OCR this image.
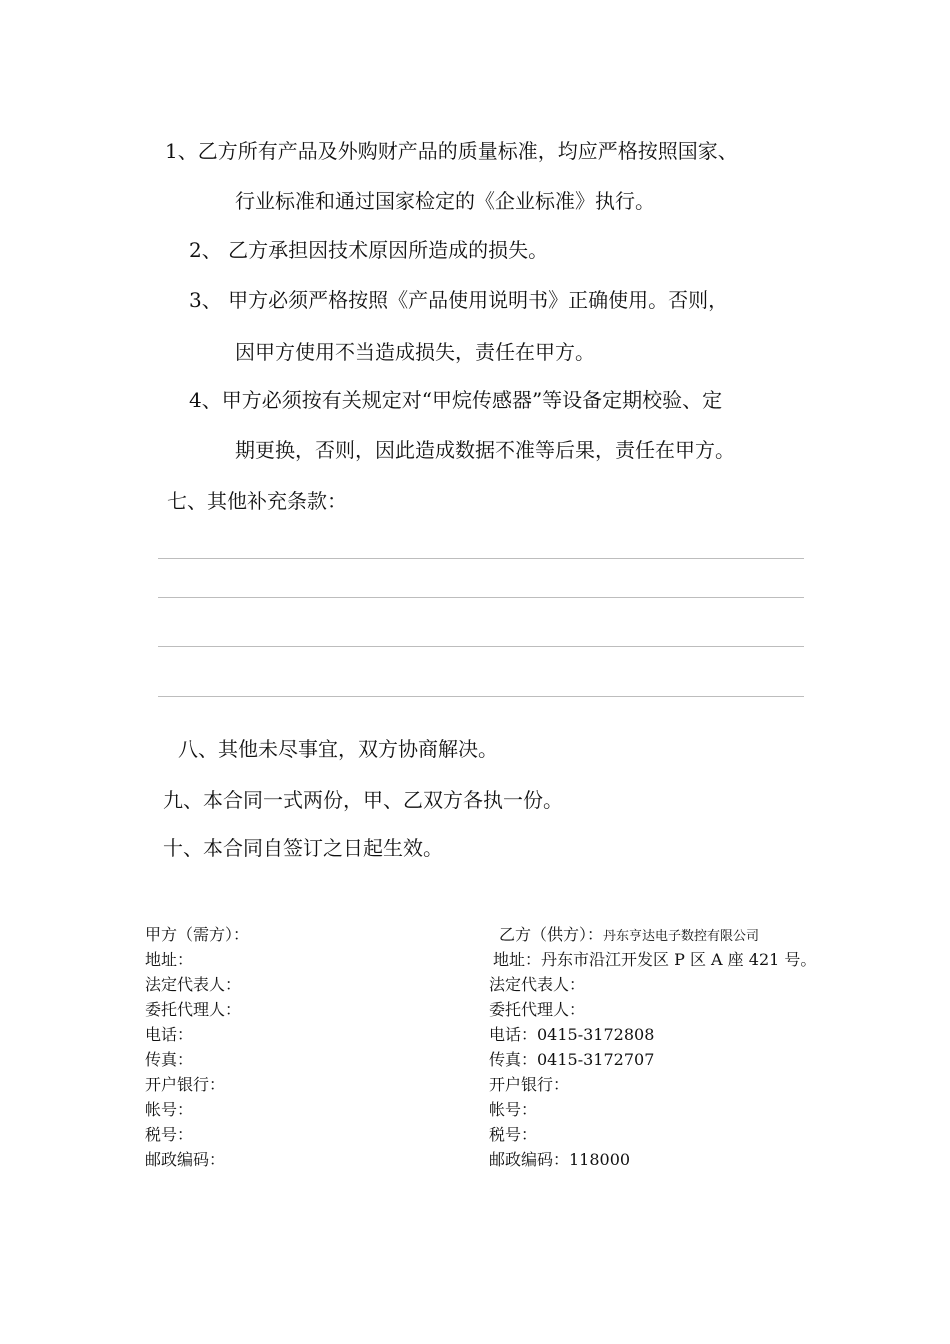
1、乙方所有产品及外购财产品的质量标准，均应严格按照国家、
行业标准和通过国家检定的《企业标准》执行。
2、 乙方承担因技术原因所造成的损失。
3、 甲方必须严格按照《产品使用说明书》正确使用。否则，
因甲方使用不当造成损失，责任在甲方。
4、甲方必须按有关规定对“甲烷传感器”等设备定期校验、定
期更换，否则，因此造成数据不准等后果，责任在甲方。
七、其他补充条款：
八、其他未尽事宜，双方协商解决。
九、本合同一式两份，甲、乙双方各执一份。
十、本合同自签订之日起生效。
甲方（需方）：
地址：
法定代表人：
委托代理人：
电话：
传真：
开户银行：
帐号：
税号：
邮政编码：
乙方（供方）：丹东亨达电子数控有限公司
地址：丹东市沿江开发区 P 区 A 座 421 号。
法定代表人：
委托代理人：
电话：0415-3172808
传真：0415-3172707
开户银行：
帐号：
税号：
邮政编码：118000
